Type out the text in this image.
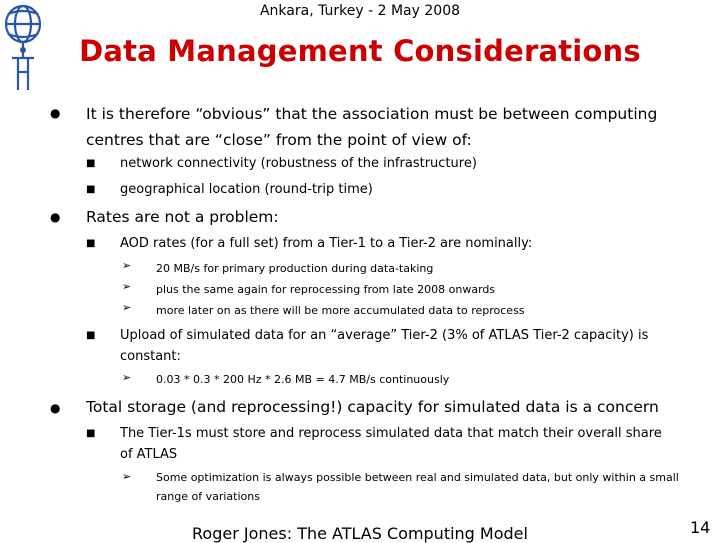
Ankara, Turkey - 2 May 2008
Data Management Considerations
● It is therefore “obvious” that the association must be between computing
centres that are “close” from the point of view of:
■ network connectivity (robustness of the infrastructure)
■ geographical location (round-trip time)
● Rates are not a problem:
■ AOD rates (for a full set) from a Tier-1 to a Tier-2 are nominally:
➢ 20 MB/s for primary production during data-taking
➢ plus the same again for reprocessing from late 2008 onwards
➢ more later on as there will be more accumulated data to reprocess
■ Upload of simulated data for an “average” Tier-2 (3% of ATLAS Tier-2 capacity) is
constant:
➢ 0.03 * 0.3 * 200 Hz * 2.6 MB = 4.7 MB/s continuously
● Total storage (and reprocessing!) capacity for simulated data is a concern
■ The Tier-1s must store and reprocess simulated data that match their overall share
of ATLAS
➢ Some optimization is always possible between real and simulated data, but only within a small
range of variations
Roger Jones: The ATLAS Computing Model	14
